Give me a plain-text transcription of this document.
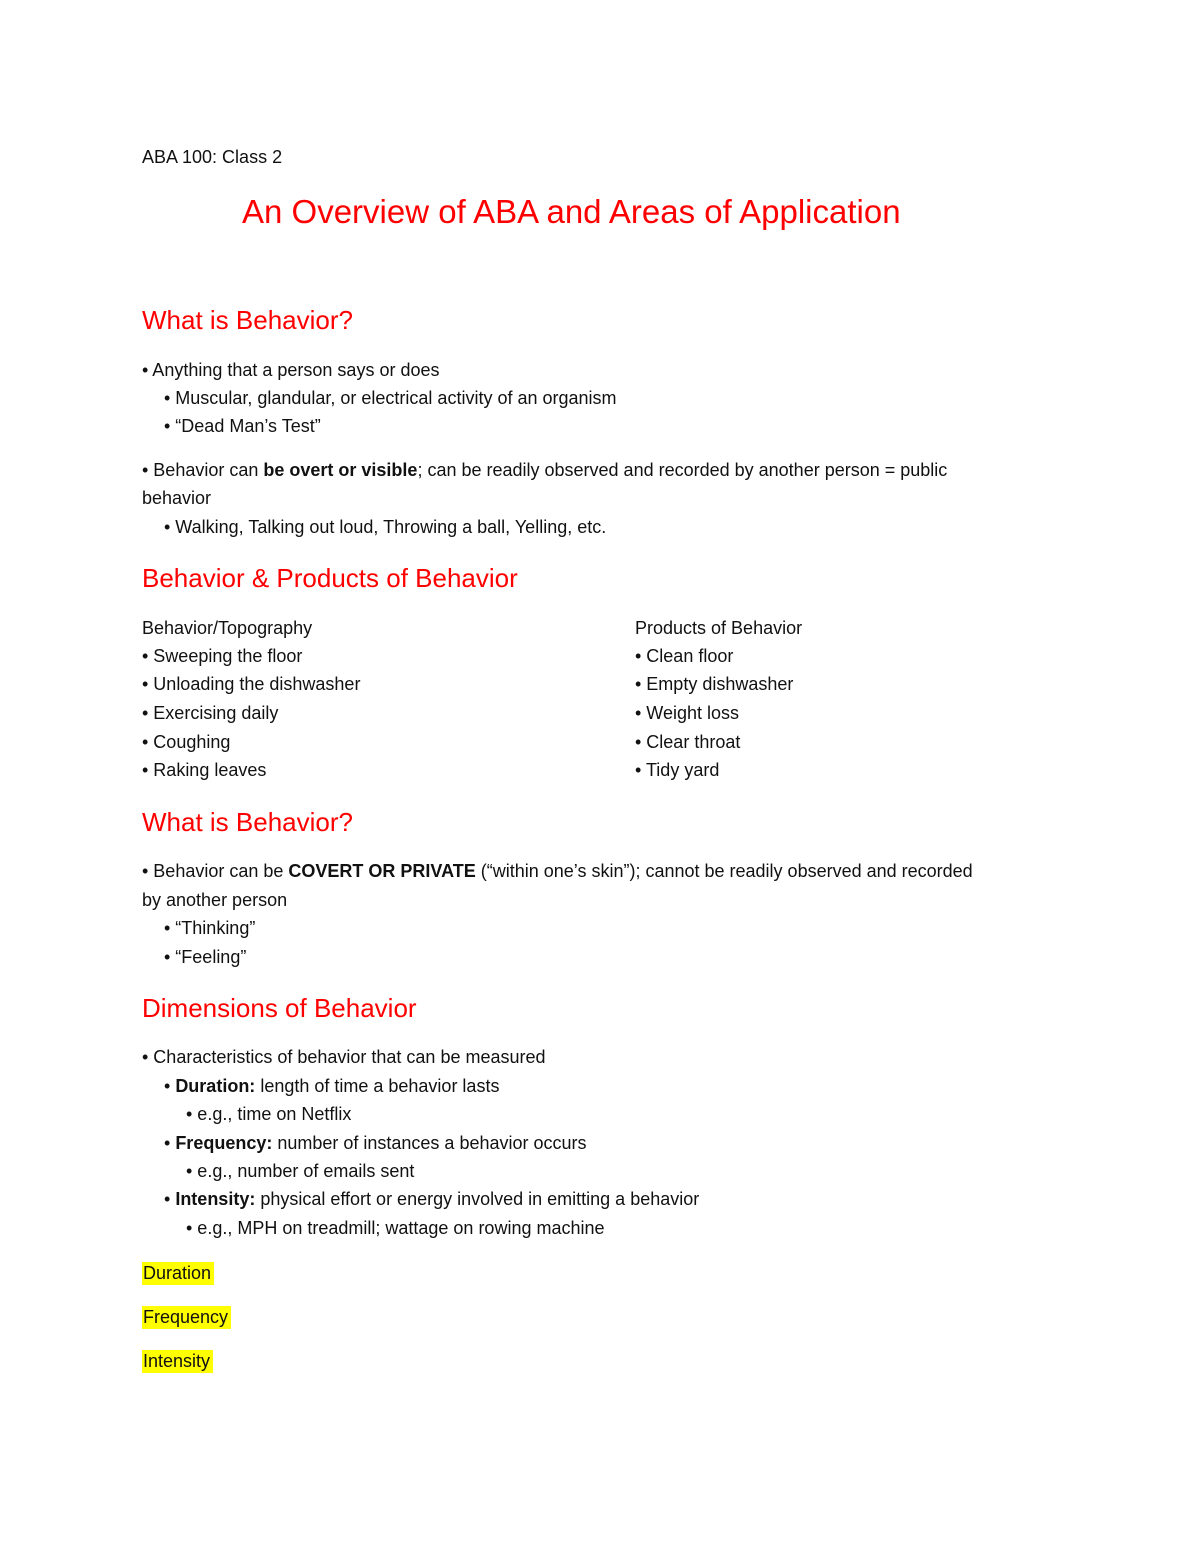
ABA 100: Class 2
An Overview of ABA and Areas of Application
What is Behavior?
• Anything that a person says or does
• Muscular, glandular, or electrical activity of an organism
• “Dead Man’s Test”
• Behavior can be overt or visible; can be readily observed and recorded by another person = public
behavior
• Walking, Talking out loud, Throwing a ball, Yelling, etc.
Behavior & Products of Behavior
Behavior/Topography
• Sweeping the floor
• Unloading the dishwasher
• Exercising daily
• Coughing
• Raking leaves
Products of Behavior
• Clean floor
• Empty dishwasher
• Weight loss
• Clear throat
• Tidy yard
What is Behavior?
• Behavior can be COVERT OR PRIVATE (“within one’s skin”); cannot be readily observed and recorded
by another person
• “Thinking”
• “Feeling”
Dimensions of Behavior
• Characteristics of behavior that can be measured
• Duration: length of time a behavior lasts
• e.g., time on Netflix
• Frequency: number of instances a behavior occurs
• e.g., number of emails sent
• Intensity: physical effort or energy involved in emitting a behavior
• e.g., MPH on treadmill; wattage on rowing machine
Duration
Frequency
Intensity
